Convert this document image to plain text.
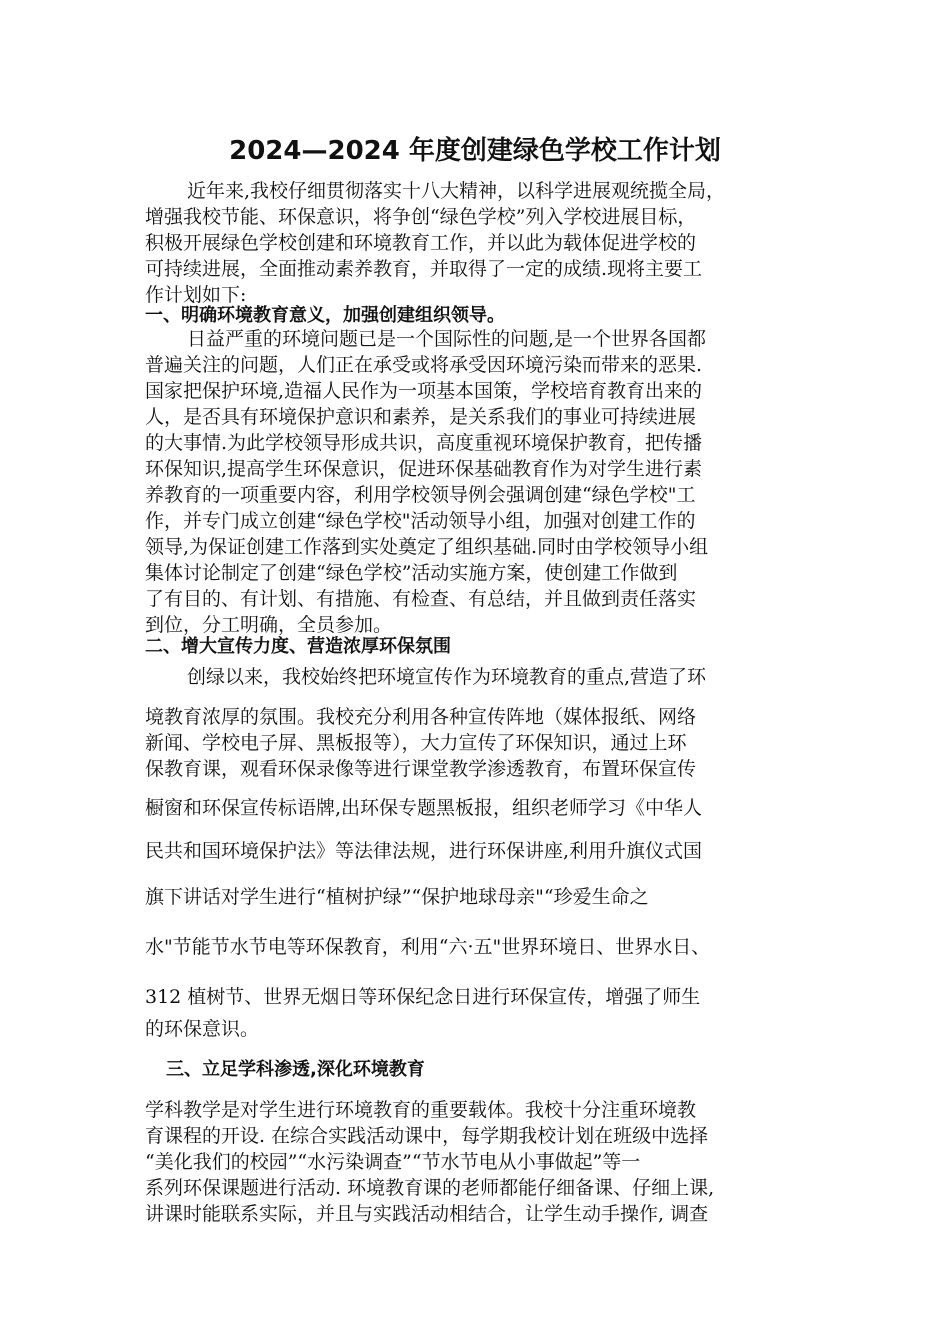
2024—2024 年度创建绿色学校工作计划
近年来,我校仔细贯彻落实十八大精神，以科学进展观统揽全局，
增强我校节能、环保意识，将争创“绿色学校”列入学校进展目标，
积极开展绿色学校创建和环境教育工作，并以此为载体促进学校的
可持续进展，全面推动素养教育，并取得了一定的成绩.现将主要工
作计划如下:
一、明确环境教育意义，加强创建组织领导。
日益严重的环境问题已是一个国际性的问题,是一个世界各国都
普遍关注的问题，人们正在承受或将承受因环境污染而带来的恶果.
国家把保护环境,造福人民作为一项基本国策，学校培育教育出来的
人，是否具有环境保护意识和素养，是关系我们的事业可持续进展
的大事情.为此学校领导形成共识，高度重视环境保护教育，把传播
环保知识,提高学生环保意识，促进环保基础教育作为对学生进行素
养教育的一项重要内容，利用学校领导例会强调创建“绿色学校"工
作，并专门成立创建“绿色学校"活动领导小组，加强对创建工作的
领导,为保证创建工作落到实处奠定了组织基础.同时由学校领导小组
集体讨论制定了创建“绿色学校”活动实施方案，使创建工作做到
了有目的、有计划、有措施、有检查、有总结，并且做到责任落实
到位，分工明确，全员参加。
二、增大宣传力度、营造浓厚环保氛围
创绿以来，我校始终把环境宣传作为环境教育的重点,营造了环
境教育浓厚的氛围。我校充分利用各种宣传阵地（媒体报纸、网络
新闻、学校电子屏、黑板报等），大力宣传了环保知识，通过上环
保教育课，观看环保录像等进行课堂教学渗透教育，布置环保宣传
橱窗和环保宣传标语牌,出环保专题黑板报，组织老师学习《中华人
民共和国环境保护法》等法律法规，进行环保讲座,利用升旗仪式国
旗下讲话对学生进行“植树护绿”“保护地球母亲"“珍爱生命之
水"节能节水节电等环保教育，利用“六·五"世界环境日、世界水日、
312 植树节、世界无烟日等环保纪念日进行环保宣传，增强了师生
的环保意识。
三、立足学科渗透,深化环境教育
学科教学是对学生进行环境教育的重要载体。我校十分注重环境教
育课程的开设. 在综合实践活动课中，每学期我校计划在班级中选择
“美化我们的校园”“水污染调查”“节水节电从小事做起”等一
系列环保课题进行活动. 环境教育课的老师都能仔细备课、仔细上课,
讲课时能联系实际，并且与实践活动相结合，让学生动手操作, 调查
